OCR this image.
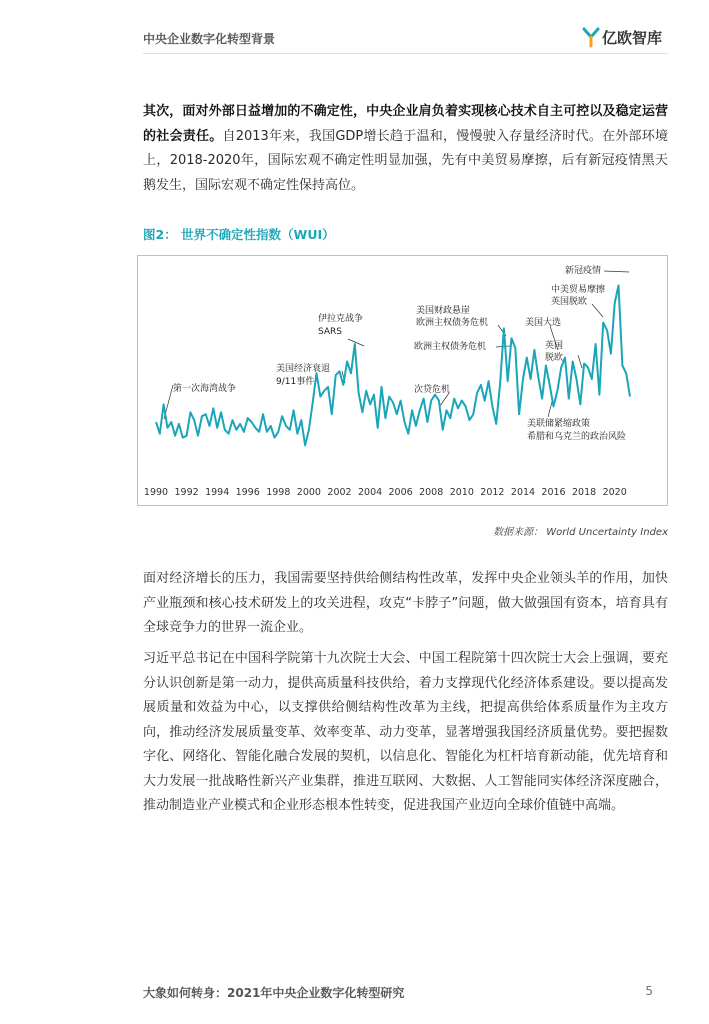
中央企业数字化转型背景	亿欧智库

其次，面对外部日益增加的不确定性，中央企业肩负着实现核心技术自主可控以及稳定运营的社会责任。自2013年来，我国GDP增长趋于温和，慢慢驶入存量经济时代。在外部环境上，2018-2020年，国际宏观不确定性明显加强，先有中美贸易摩擦，后有新冠疫情黑天鹅发生，国际宏观不确定性保持高位。

图2： 世界不确定性指数（WUI）
1990 1992 1994 1996 1998 2000 2002 2004 2006 2008 2010 2012 2014 2016 2018 2020
第一次海湾战争
美国经济衰退
9/11事件
伊拉克战争
SARS
次贷危机
美国财政悬崖
欧洲主权债务危机
欧洲主权债务危机
美国大选
英国
脱欧
美联储紧缩政策
希腊和乌克兰的政治风险
中美贸易摩擦
英国脱欧
新冠疫情
数据来源： World Uncertainty Index

面对经济增长的压力，我国需要坚持供给侧结构性改革，发挥中央企业领头羊的作用，加快产业瓶颈和核心技术研发上的攻关进程，攻克“卡脖子”问题，做大做强国有资本，培育具有全球竞争力的世界一流企业。

习近平总书记在中国科学院第十九次院士大会、中国工程院第十四次院士大会上强调，要充分认识创新是第一动力，提供高质量科技供给，着力支撑现代化经济体系建设。要以提高发展质量和效益为中心，以支撑供给侧结构性改革为主线，把提高供给体系质量作为主攻方向，推动经济发展质量变革、效率变革、动力变革，显著增强我国经济质量优势。要把握数字化、网络化、智能化融合发展的契机，以信息化、智能化为杠杆培育新动能，优先培育和大力发展一批战略性新兴产业集群，推进互联网、大数据、人工智能同实体经济深度融合，推动制造业产业模式和企业形态根本性转变，促进我国产业迈向全球价值链中高端。

大象如何转身：2021年中央企业数字化转型研究	5
